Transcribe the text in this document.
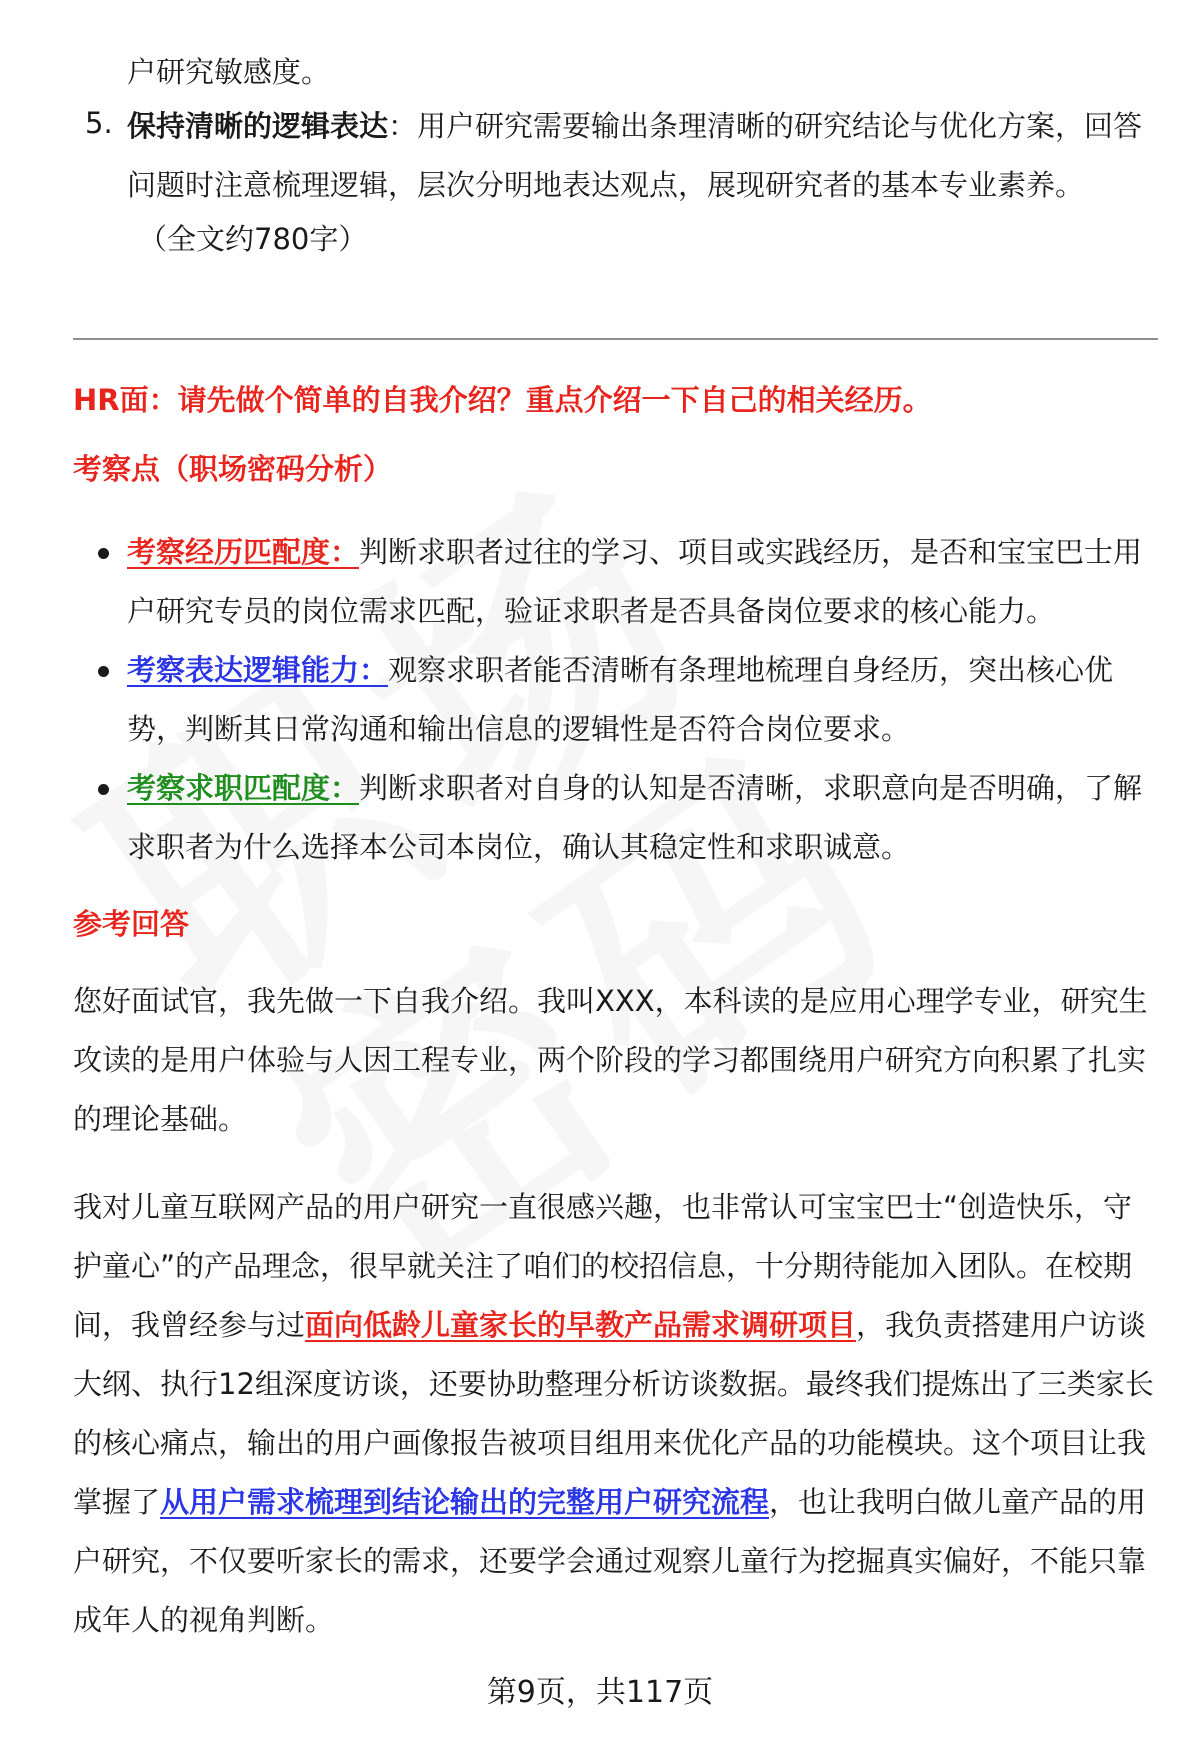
户研究敏感度。
5. 保持清晰的逻辑表达：用户研究需要输出条理清晰的研究结论与优化方案，回答问题时注意梳理逻辑，层次分明地表达观点，展现研究者的基本专业素养。
（全文约780字）
HR面：请先做个简单的自我介绍？重点介绍一下自己的相关经历。
考察点（职场密码分析）
考察经历匹配度：判断求职者过往的学习、项目或实践经历，是否和宝宝巴士用户研究专员的岗位需求匹配，验证求职者是否具备岗位要求的核心能力。
考察表达逻辑能力：观察求职者能否清晰有条理地梳理自身经历，突出核心优势，判断其日常沟通和输出信息的逻辑性是否符合岗位要求。
考察求职匹配度：判断求职者对自身的认知是否清晰，求职意向是否明确，了解求职者为什么选择本公司本岗位，确认其稳定性和求职诚意。
参考回答
您好面试官，我先做一下自我介绍。我叫XXX，本科读的是应用心理学专业，研究生攻读的是用户体验与人因工程专业，两个阶段的学习都围绕用户研究方向积累了扎实的理论基础。
我对儿童互联网产品的用户研究一直很感兴趣，也非常认可宝宝巴士“创造快乐，守护童心”的产品理念，很早就关注了咱们的校招信息，十分期待能加入团队。在校期间，我曾经参与过面向低龄儿童家长的早教产品需求调研项目，我负责搭建用户访谈大纲、执行12组深度访谈，还要协助整理分析访谈数据。最终我们提炼出了三类家长的核心痛点，输出的用户画像报告被项目组用来优化产品的功能模块。这个项目让我掌握了从用户需求梳理到结论输出的完整用户研究流程，也让我明白做儿童产品的用户研究，不仅要听家长的需求，还要学会通过观察儿童行为挖掘真实偏好，不能只靠成年人的视角判断。
第9页，共117页
